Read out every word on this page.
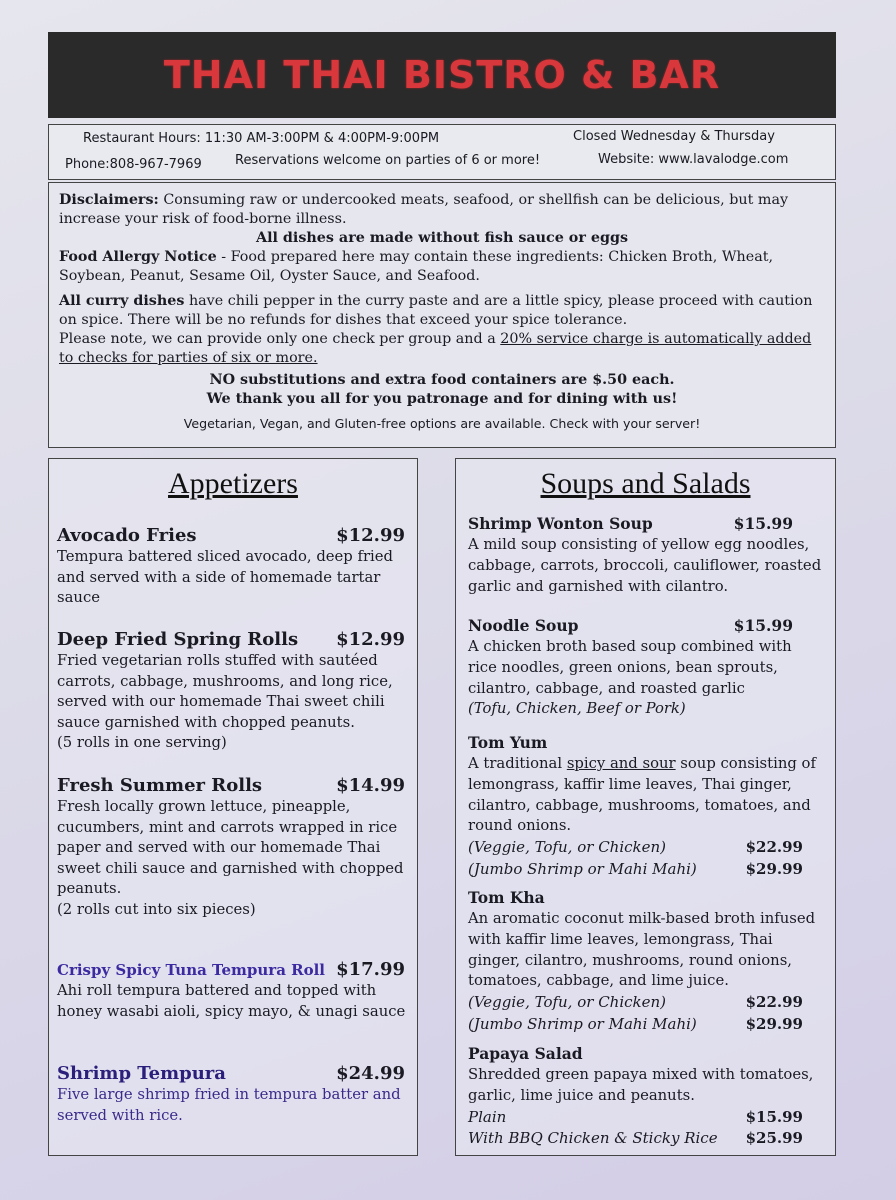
THAI THAI BISTRO & BAR
Restaurant Hours: 11:30 AM-3:00PM & 4:00PM-9:00PM	Closed Wednesday & Thursday
Phone:808-967-7969	Reservations welcome on parties of 6 or more!	Website: www.lavalodge.com

Disclaimers: Consuming raw or undercooked meats, seafood, or shellfish can be delicious, but may increase your risk of food-borne illness.

All dishes are made without fish sauce or eggs

Food Allergy Notice - Food prepared here may contain these ingredients: Chicken Broth, Wheat, Soybean, Peanut, Sesame Oil, Oyster Sauce, and Seafood.

All curry dishes have chili pepper in the curry paste and are a little spicy, please proceed with caution on spice. There will be no refunds for dishes that exceed your spice tolerance.

Please note, we can provide only one check per group and a 20% service charge is automatically added to checks for parties of six or more.

NO substitutions and extra food containers are $.50 each.

We thank you all for you patronage and for dining with us!

Vegetarian, Vegan, and Gluten-free options are available. Check with your server!

Appetizers
Avocado Fries	$12.99
Tempura battered sliced avocado, deep fried and served with a side of homemade tartar sauce
Deep Fried Spring Rolls $12.99
Fried vegetarian rolls stuffed with sautéed carrots, cabbage, mushrooms, and long rice, served with our homemade Thai sweet chili sauce garnished with chopped peanuts.
(5 rolls in one serving)
Fresh Summer Rolls	$14.99
Fresh locally grown lettuce, pineapple, cucumbers, mint and carrots wrapped in rice paper and served with our homemade Thai sweet chili sauce and garnished with chopped peanuts.
(2 rolls cut into six pieces)
Crispy Spicy Tuna Tempura Roll $17.99
Ahi roll tempura battered and topped with honey wasabi aioli, spicy mayo, & unagi sauce
Shrimp Tempura	$24.99
Five large shrimp fried in tempura batter and served with rice.
Soups and Salads
Shrimp Wonton Soup	$15.99
A mild soup consisting of yellow egg noodles, cabbage, carrots, broccoli, cauliflower, roasted garlic and garnished with cilantro.
Noodle Soup	$15.99
A chicken broth based soup combined with rice noodles, green onions, bean sprouts, cilantro, cabbage, and roasted garlic
(Tofu, Chicken, Beef or Pork)
Tom Yum
A traditional spicy and sour soup consisting of lemongrass, kaffir lime leaves, Thai ginger, cilantro, cabbage, mushrooms, tomatoes, and round onions.
(Veggie, Tofu, or Chicken)	$22.99
(Jumbo Shrimp or Mahi Mahi)	$29.99
Tom Kha
An aromatic coconut milk-based broth infused with kaffir lime leaves, lemongrass, Thai ginger, cilantro, mushrooms, round onions, tomatoes, cabbage, and lime juice.
(Veggie, Tofu, or Chicken)	$22.99
(Jumbo Shrimp or Mahi Mahi)	$29.99
Papaya Salad
Shredded green papaya mixed with tomatoes, garlic, lime juice and peanuts.
Plain	$15.99
With BBQ Chicken & Sticky Rice $25.99
